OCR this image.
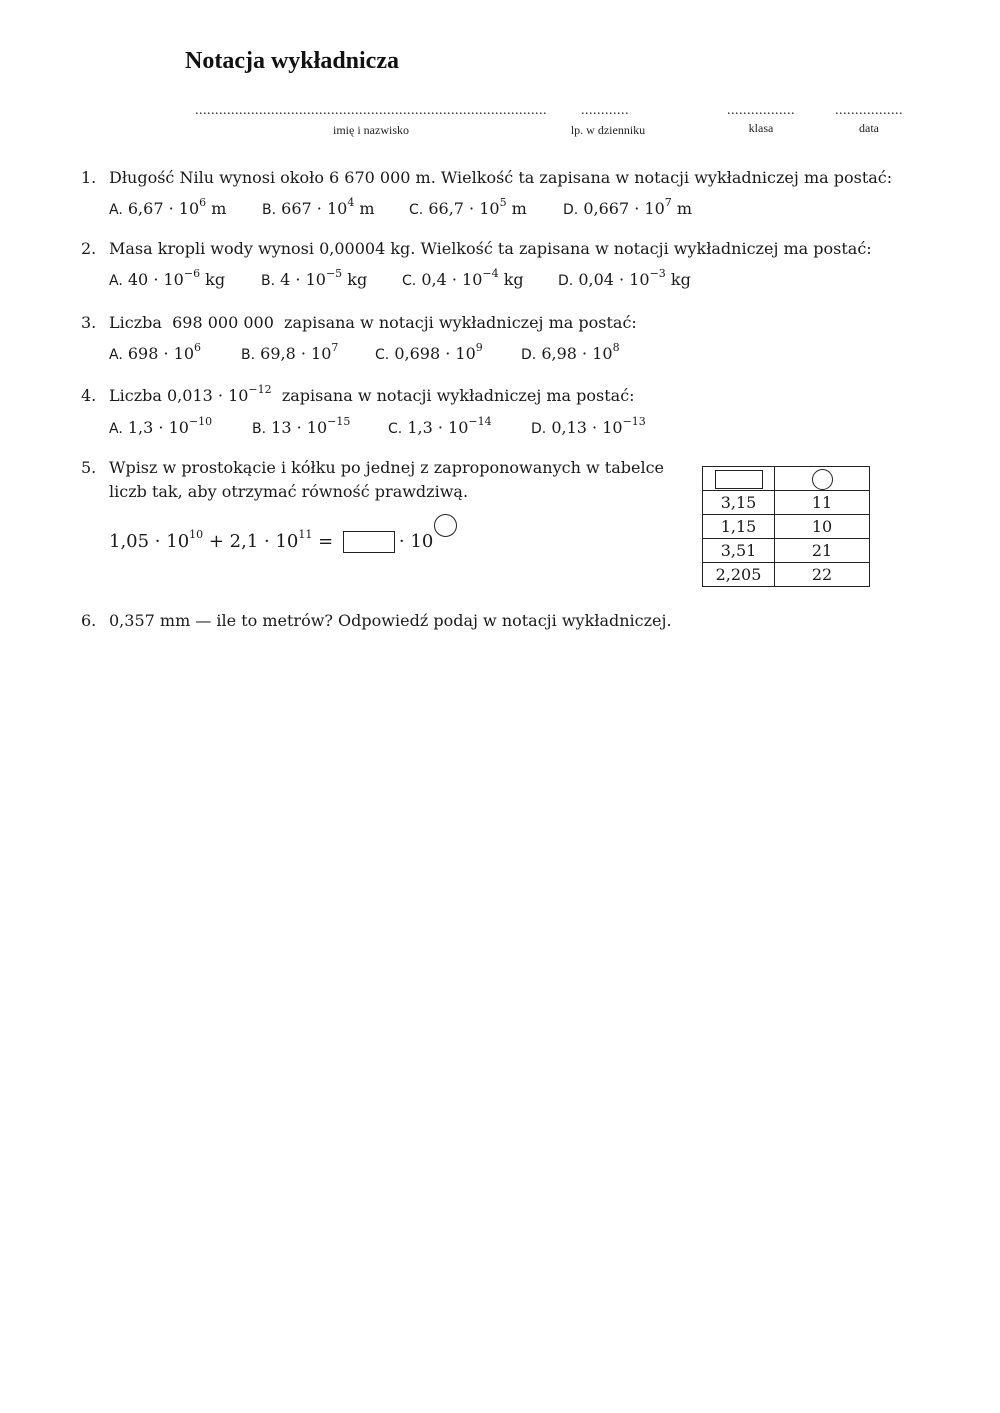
Notacja wykładnicza
........................................................................................
imię i nazwisko
............
lp. w dzienniku
.................
klasa
.................
data
1. Długość Nilu wynosi około 6 670 000 m. Wielkość ta zapisana w notacji wykładniczej ma postać:
A. $6,67 \cdot 10^6$ m	B. $667 \cdot 10^4$ m C. $66,7 \cdot 10^5$ m	D. $0,667 \cdot 10^7$ m
2. Masa kropli wody wynosi 0,00004 kg. Wielkość ta zapisana w notacji wykładniczej ma postać:
A. $40 \cdot 10^{-6}$ kg	B. $4 \cdot 10^{-5}$ kg C. $0,4 \cdot 10^{-4}$ kg D. $0,04 \cdot 10^{-3}$ kg
3. Liczba  698 000 000  zapisana w notacji wykładniczej ma postać:
A. $698 \cdot 10^6$	B. $69,8 \cdot 10^7$	C. $0,698 \cdot 10^9$	D. $6,98 \cdot 10^8$
4. Liczba $0,013 \cdot 10^{-12}$  zapisana w notacji wykładniczej ma postać:
A. $1,3 \cdot 10^{-10}$	B. $13 \cdot 10^{-15}$	C. $1,3 \cdot 10^{-14}$	D. $0,13 \cdot 10^{-13}$
5. Wpisz w prostokącie i kółku po jednej z zaproponowanych w tabelce
liczb tak, aby otrzymać równość prawdziwą.
$1,05 \cdot 10^{10} + 2,1 \cdot 10^{11}$ =	· 10

3,15	11
1,15	10
3,51	21
2,205	22
6. 0,357 mm — ile to metrów? Odpowiedź podaj w notacji wykładniczej.
